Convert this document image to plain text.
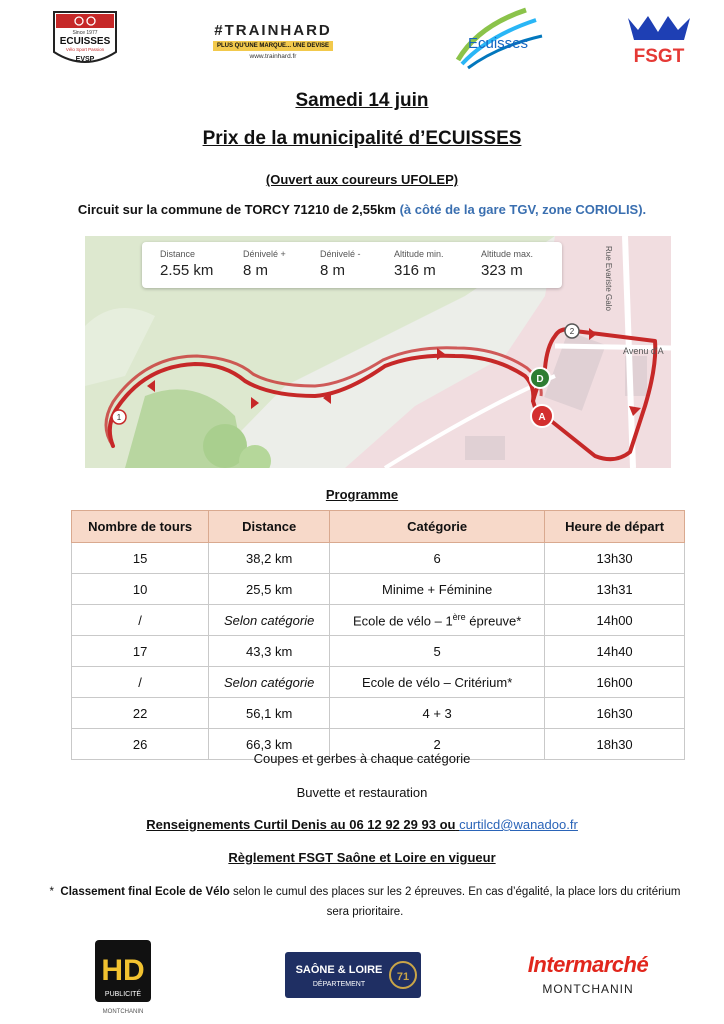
Since 1977
ECUISSES
Vélo Sport Passion
EVSP
#TRAINHARD
PLUS QU'UNE MARQUE... UNE DEVISE
www.trainhard.fr
Ecuisses
FSGT
Samedi 14 juin
Prix de la municipalité d’ECUISSES
(Ouvert aux coureurs UFOLEP)
Circuit sur la commune de TORCY 71210 de 2,55km (à côté de la gare TGV, zone CORIOLIS).
1
2
D
A
Rue Evariste Galo
Avenu d'A
Distance
2.55 km
Dénivelé +
8 m
Dénivelé -
8 m
Altitude min.
316 m
Altitude max.
323 m
Programme
Nombre de tours	Distance	Catégorie	Heure de départ
15	38,2 km	6	13h30
10	25,5 km	Minime + Féminine	13h31
/	Selon catégorie	Ecole de vélo – 1ère épreuve*	14h00
17	43,3 km	5	14h40
/	Selon catégorie	Ecole de vélo – Critérium*	16h00
22	56,1 km	4 + 3	16h30
26	66,3 km	2	18h30
Coupes et gerbes à chaque catégorie
Buvette et restauration
Renseignements Curtil Denis au 06 12 92 29 93 ou curtilcd@wanadoo.fr
Règlement FSGT Saône et Loire en vigueur
* Classement final Ecole de Vélo selon le cumul des places sur les 2 épreuves. En cas d’égalité, la place lors du critérium sera prioritaire.
HD
PUBLICITÉ
MONTCHANIN
SAÔNE & LOIRE
DÉPARTEMENT
71	Intermarché
MONTCHANIN
